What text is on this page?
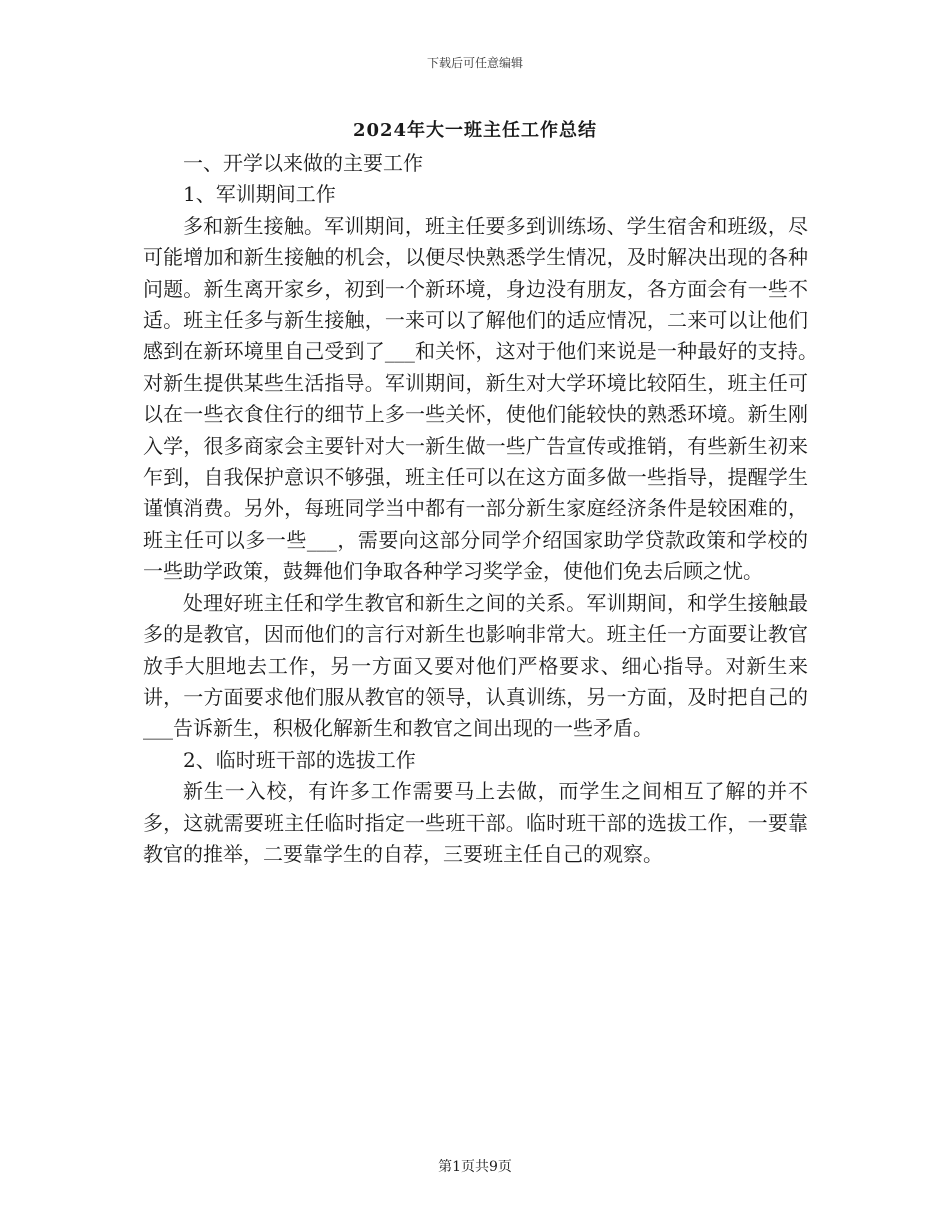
下载后可任意编辑
2024年大一班主任工作总结

一、开学以来做的主要工作

1、军训期间工作

多和新生接触。军训期间，班主任要多到训练场、学生宿舍和班级，尽可能增加和新生接触的机会，以便尽快熟悉学生情况，及时解决出现的各种问题。新生离开家乡，初到一个新环境，身边没有朋友，各方面会有一些不适。班主任多与新生接触，一来可以了解他们的适应情况，二来可以让他们感到在新环境里自己受到了___和关怀，这对于他们来说是一种最好的支持。　对新生提供某些生活指导。军训期间，新生对大学环境比较陌生，班主任可以在一些衣食住行的细节上多一些关怀，使他们能较快的熟悉环境。新生刚入学，很多商家会主要针对大一新生做一些广告宣传或推销，有些新生初来乍到，自我保护意识不够强，班主任可以在这方面多做一些指导，提醒学生谨慎消费。另外，每班同学当中都有一部分新生家庭经济条件是较困难的，班主任可以多一些___，需要向这部分同学介绍国家助学贷款政策和学校的一些助学政策，鼓舞他们争取各种学习奖学金，使他们免去后顾之忧。

处理好班主任和学生教官和新生之间的关系。军训期间，和学生接触最多的是教官，因而他们的言行对新生也影响非常大。班主任一方面要让教官放手大胆地去工作，另一方面又要对他们严格要求、细心指导。对新生来讲，一方面要求他们服从教官的领导，认真训练，另一方面，及时把自己的___告诉新生，积极化解新生和教官之间出现的一些矛盾。

2、临时班干部的选拔工作

新生一入校，有许多工作需要马上去做，而学生之间相互了解的并不多，这就需要班主任临时指定一些班干部。临时班干部的选拔工作，一要靠教官的推举，二要靠学生的自荐，三要班主任自己的观察。

第1页共9页
